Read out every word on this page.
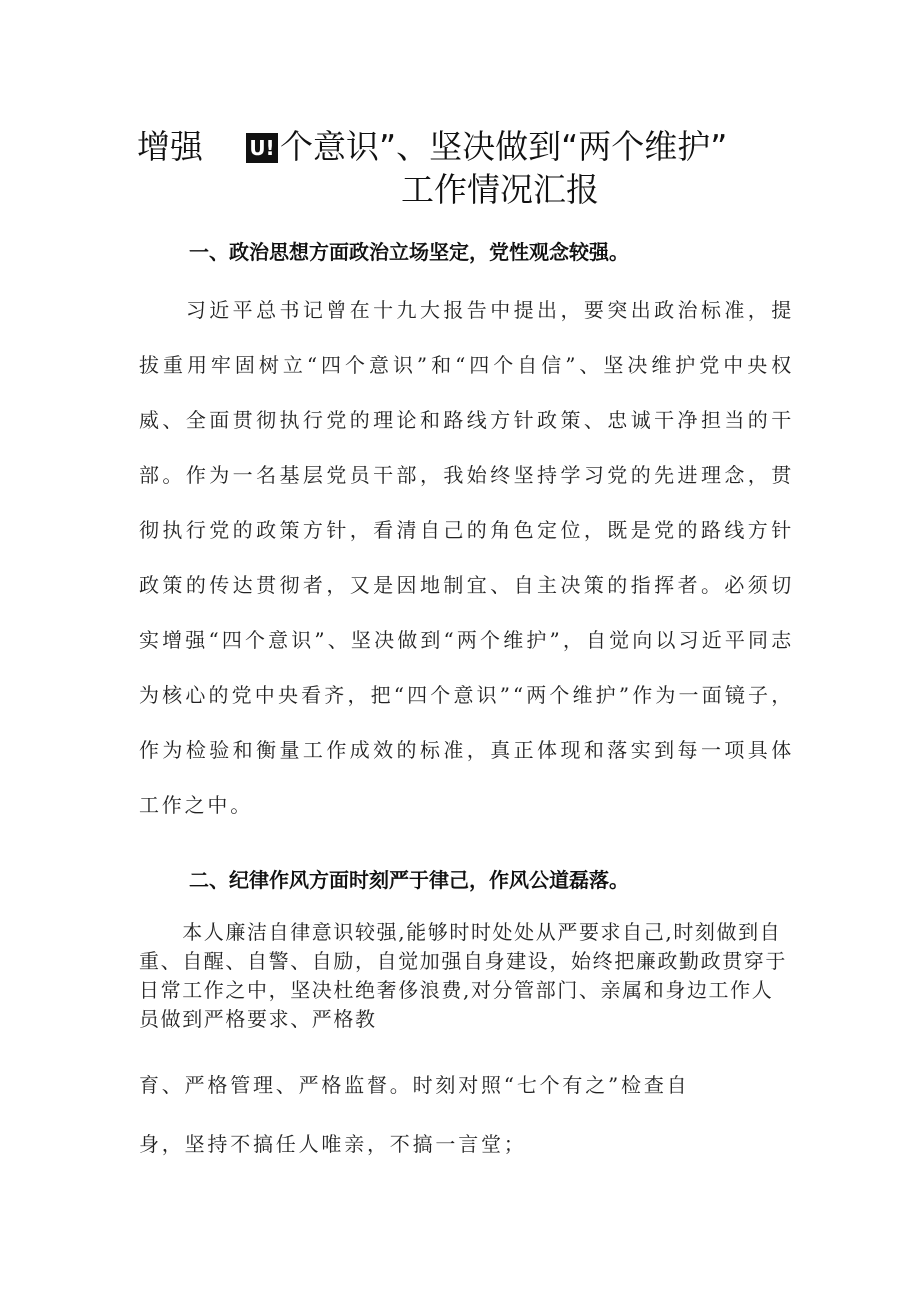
增强 U! 个意识”、坚决做到“两个维护”
工作情况汇报
一、政治思想方面政治立场坚定，党性观念较强。
　　习近平总书记曾在十九大报告中提出，要突出政治标准，提拔重用牢固树立“四个意识”和“四个自信”、坚决维护党中央权威、全面贯彻执行党的理论和路线方针政策、忠诚干净担当的干部。作为一名基层党员干部，我始终坚持学习党的先进理念，贯彻执行党的政策方针，看清自己的角色定位，既是党的路线方针政策的传达贯彻者，又是因地制宜、自主决策的指挥者。必须切实增强“四个意识”、坚决做到“两个维护”，自觉向以习近平同志为核心的党中央看齐，把“四个意识”“两个维护”作为一面镜子，作为检验和衡量工作成效的标准，真正体现和落实到每一项具体工作之中。
二、纪律作风方面时刻严于律己，作风公道磊落。
　　本人廉洁自律意识较强,能够时时处处从严要求自己,时刻做到自重、自醒、自警、自励，自觉加强自身建设，始终把廉政勤政贯穿于日常工作之中，坚决杜绝奢侈浪费,对分管部门、亲属和身边工作人员做到严格要求、严格教
育、严格管理、严格监督。时刻对照“七个有之”检查自
身，坚持不搞任人唯亲，不搞一言堂；
